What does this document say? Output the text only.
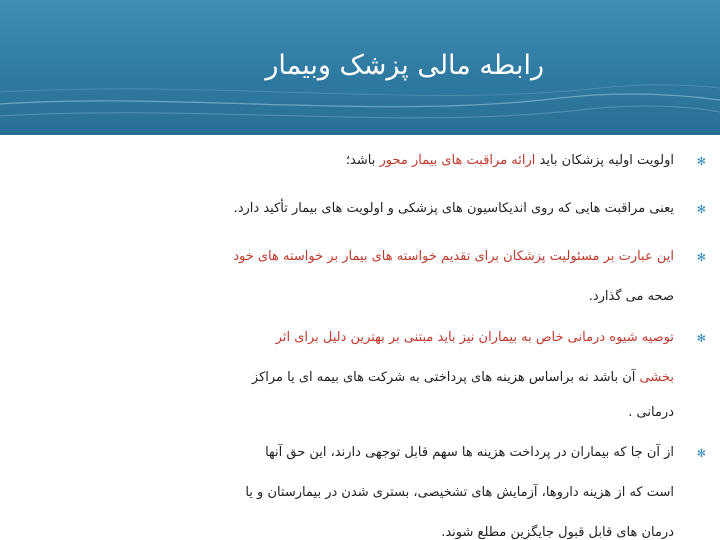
رابطه مالی پزشک وبیمار
✻
اولویت اولیه پزشکان باید ارائه مراقبت های بیمار محور باشد؛
✻
یعنی مراقبت هایی که روی اندیکاسیون های پزشکی و اولویت های بیمار تأکید دارد.
✻
این عبارت بر مسئولیت پزشکان برای تقدیم خواسته های بیمار بر خواسته های خود
صحه می گذارد.
✻
توصیه شیوه درمانی خاص به بیماران نیز باید مبتنی بر بهترین دلیل برای اثر
بخشی آن باشد نه براساس هزینه های پرداختی به شرکت های بیمه ای یا مراکز
درمانی .
✻
از آن جا که بیماران در پرداخت هزینه ها سهم قابل توجهی دارند، این حق آنها
است که از هزینه داروها، آزمایش های تشخیصی، بستری شدن در بیمارستان و یا
درمان های قابل قبول جایگزین مطلع شوند.
